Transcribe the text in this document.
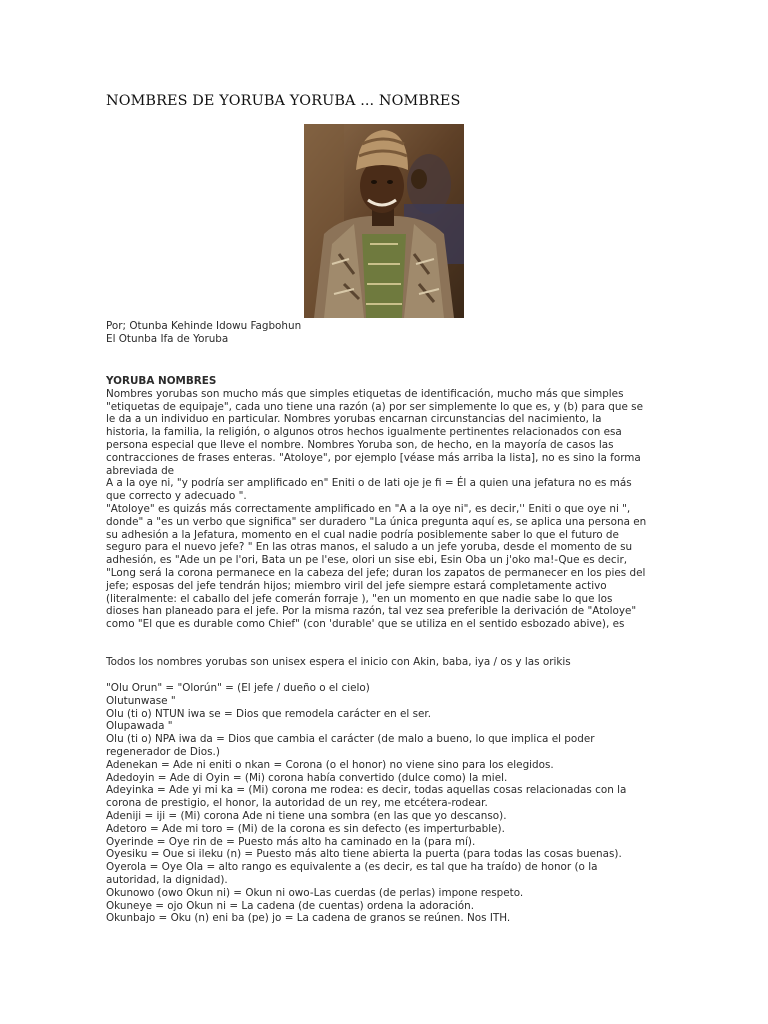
NOMBRES DE YORUBA YORUBA ... NOMBRES
Por; Otunba Kehinde Idowu Fagbohun
El Otunba Ifa de Yoruba
YORUBA NOMBRES
Nombres yorubas son mucho más que simples etiquetas de identificación, mucho más que simples
"etiquetas de equipaje", cada uno tiene una razón (a) por ser simplemente lo que es, y (b) para que se
le da a un individuo en particular. Nombres yorubas encarnan circunstancias del nacimiento, la
historia, la familia, la religión, o algunos otros hechos igualmente pertinentes relacionados con esa
persona especial que lleve el nombre. Nombres Yoruba son, de hecho, en la mayoría de casos las
contracciones de frases enteras. "Atoloye", por ejemplo [véase más arriba la lista], no es sino la forma
abreviada de
A a la oye ni, "y podría ser amplificado en" Eniti o de lati oje je fi = Él a quien una jefatura no es más
que correcto y adecuado ".
"Atoloye" es quizás más correctamente amplificado en "A a la oye ni", es decir,'' Eniti o que oye ni ",
donde" a "es un verbo que significa" ser duradero "La única pregunta aquí es, se aplica una persona en
su adhesión a la Jefatura, momento en el cual nadie podría posiblemente saber lo que el futuro de
seguro para el nuevo jefe? " En las otras manos, el saludo a un jefe yoruba, desde el momento de su
adhesión, es "Ade un pe l'ori, Bata un pe l'ese, olori un sise ebi, Esin Oba un j'oko ma!-Que es decir,
"Long será la corona permanece en la cabeza del jefe; duran los zapatos de permanecer en los pies del
jefe; esposas del jefe tendrán hijos; miembro viril del jefe siempre estará completamente activo
(literalmente: el caballo del jefe comerán forraje ), "en un momento en que nadie sabe lo que los
dioses han planeado para el jefe. Por la misma razón, tal vez sea preferible la derivación de "Atoloye"
como "El que es durable como Chief" (con 'durable' que se utiliza en el sentido esbozado abive), es
Todos los nombres yorubas son unisex espera el inicio con Akin, baba, iya / os y las orikis
"Olu Orun" = "Olorún" = (El jefe / dueño o el cielo)
Olutunwase "
Olu (ti o) NTUN iwa se = Dios que remodela carácter en el ser.
Olupawada "
Olu (ti o) NPA iwa da = Dios que cambia el carácter (de malo a bueno, lo que implica el poder
regenerador de Dios.)
Adenekan = Ade ni eniti o nkan = Corona (o el honor) no viene sino para los elegidos.
Adedoyin = Ade di Oyin = (Mi) corona había convertido (dulce como) la miel.
Adeyinka = Ade yi mi ka = (Mi) corona me rodea: es decir, todas aquellas cosas relacionadas con la
corona de prestigio, el honor, la autoridad de un rey, me etcétera-rodear.
Adeniji = iji = (Mi) corona Ade ni tiene una sombra (en las que yo descanso).
Adetoro = Ade mi toro = (Mi) de la corona es sin defecto (es imperturbable).
Oyerinde = Oye rin de = Puesto más alto ha caminado en la (para mí).
Oyesiku = Oue si ileku (n) = Puesto más alto tiene abierta la puerta (para todas las cosas buenas).
Oyerola = Oye Ola = alto rango es equivalente a (es decir, es tal que ha traído) de honor (o la
autoridad, la dignidad).
Okunowo (owo Okun ni) = Okun ni owo-Las cuerdas (de perlas) impone respeto.
Okuneye = ojo Okun ni = La cadena (de cuentas) ordena la adoración.
Okunbajo = Oku (n) eni ba (pe) jo = La cadena de granos se reúnen. Nos ITH.
